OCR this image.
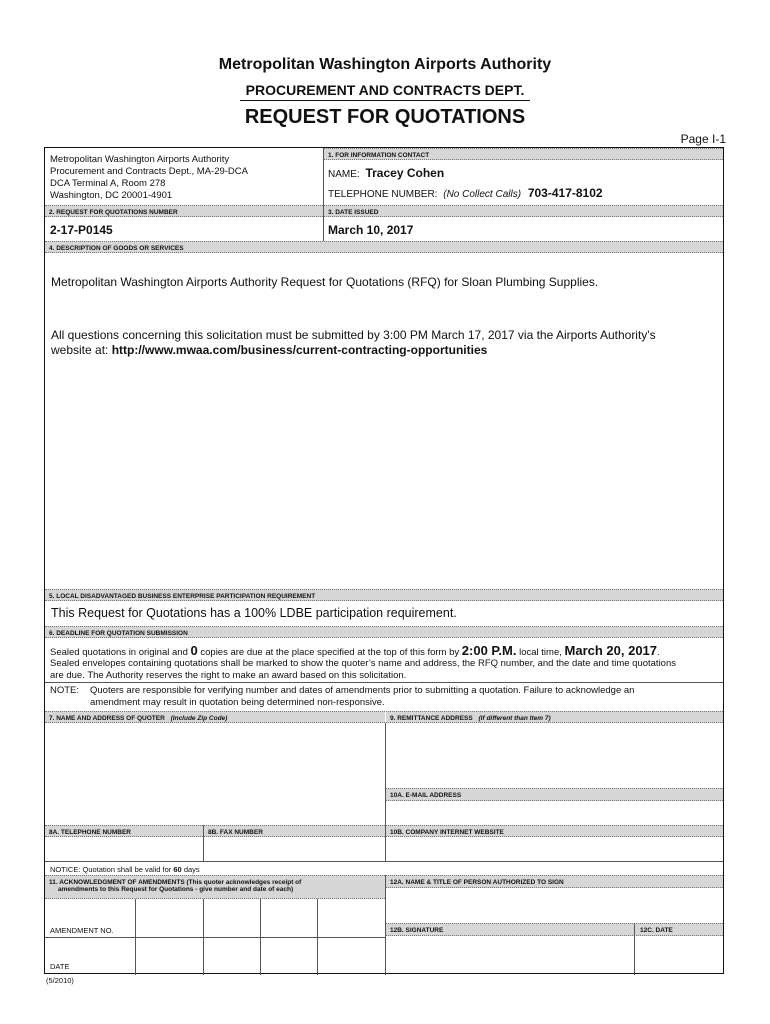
Metropolitan Washington Airports Authority
PROCUREMENT AND CONTRACTS DEPT.
REQUEST FOR QUOTATIONS
Page I-1
Metropolitan Washington Airports Authority
Procurement and Contracts Dept., MA-29-DCA
DCA Terminal A, Room 278
Washington, DC 20001-4901
1. FOR INFORMATION CONTACT
NAME: Tracey Cohen
TELEPHONE NUMBER: (No Collect Calls) 703-417-8102
2. REQUEST FOR QUOTATIONS NUMBER	3. DATE ISSUED
2-17-P0145	March 10, 2017
4. DESCRIPTION OF GOODS OR SERVICES
Metropolitan Washington Airports Authority Request for Quotations (RFQ) for Sloan Plumbing Supplies.
All questions concerning this solicitation must be submitted by 3:00 PM March 17, 2017 via the Airports Authority's
website at: http://www.mwaa.com/business/current-contracting-opportunities
5. LOCAL DISADVANTAGED BUSINESS ENTERPRISE PARTICIPATION REQUIREMENT
This Request for Quotations has a 100% LDBE participation requirement.
6. DEADLINE FOR QUOTATION SUBMISSION
Sealed quotations in original and 0 copies are due at the place specified at the top of this form by 2:00 P.M. local time, March 20, 2017.
Sealed envelopes containing quotations shall be marked to show the quoter’s name and address, the RFQ number, and the date and time quotations
are due. The Authority reserves the right to make an award based on this solicitation.
NOTE: Quoters are responsible for verifying number and dates of amendments prior to submitting a quotation. Failure to acknowledge an
amendment may result in quotation being determined non-responsive.
7. NAME AND ADDRESS OF QUOTER (Include Zip Code)	9. REMITTANCE ADDRESS (If different than Item 7)
10A. E-MAIL ADDRESS
8A. TELEPHONE NUMBER	8B. FAX NUMBER	10B. COMPANY INTERNET WEBSITE
NOTICE: Quotation shall be valid for 60 days
11. ACKNOWLEDGMENT OF AMENDMENTS (This quoter acknowledges receipt of
amendments to this Request for Quotations - give number and date of each)
12A. NAME & TITLE OF PERSON AUTHORIZED TO SIGN
12B. SIGNATURE	12C. DATE
AMENDMENT NO.
DATE
(5/2010)
